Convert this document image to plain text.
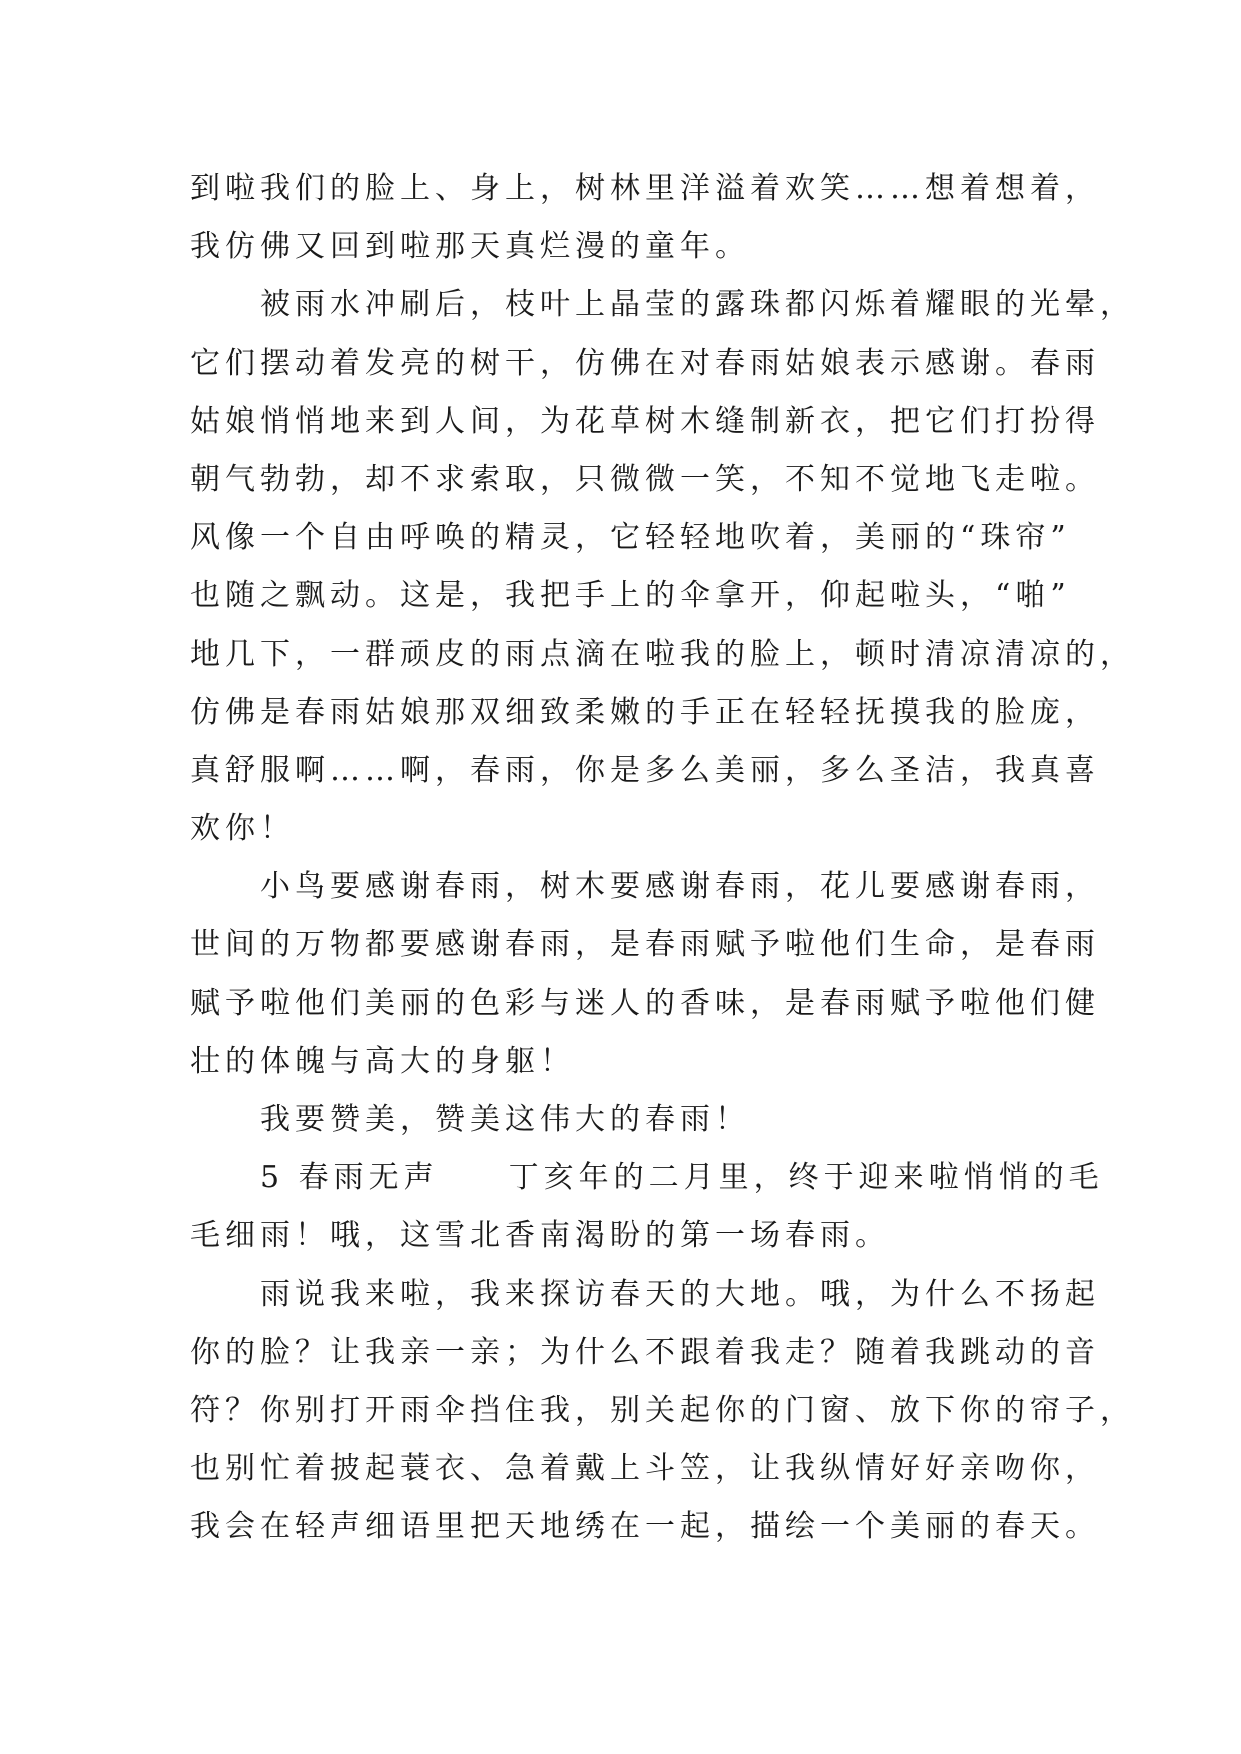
到啦我们的脸上、身上，树林里洋溢着欢笑……想着想着，
我仿佛又回到啦那天真烂漫的童年。
被雨水冲刷后，枝叶上晶莹的露珠都闪烁着耀眼的光晕，
它们摆动着发亮的树干，仿佛在对春雨姑娘表示感谢。春雨
姑娘悄悄地来到人间，为花草树木缝制新衣，把它们打扮得
朝气勃勃，却不求索取，只微微一笑，不知不觉地飞走啦。
风像一个自由呼唤的精灵，它轻轻地吹着，美丽的“珠帘”
也随之飘动。这是，我把手上的伞拿开，仰起啦头，“啪”
地几下，一群顽皮的雨点滴在啦我的脸上，顿时清凉清凉的，
仿佛是春雨姑娘那双细致柔嫩的手正在轻轻抚摸我的脸庞，
真舒服啊……啊，春雨，你是多么美丽，多么圣洁，我真喜
欢你！
小鸟要感谢春雨，树木要感谢春雨，花儿要感谢春雨，
世间的万物都要感谢春雨，是春雨赋予啦他们生命，是春雨
赋予啦他们美丽的色彩与迷人的香味，是春雨赋予啦他们健
壮的体魄与高大的身躯！
我要赞美，赞美这伟大的春雨！
5 春雨无声　　丁亥年的二月里，终于迎来啦悄悄的毛
毛细雨！哦，这雪北香南渴盼的第一场春雨。
雨说我来啦，我来探访春天的大地。哦，为什么不扬起
你的脸？让我亲一亲；为什么不跟着我走？随着我跳动的音
符？你别打开雨伞挡住我，别关起你的门窗、放下你的帘子，
也别忙着披起蓑衣、急着戴上斗笠，让我纵情好好亲吻你，
我会在轻声细语里把天地绣在一起，描绘一个美丽的春天。
